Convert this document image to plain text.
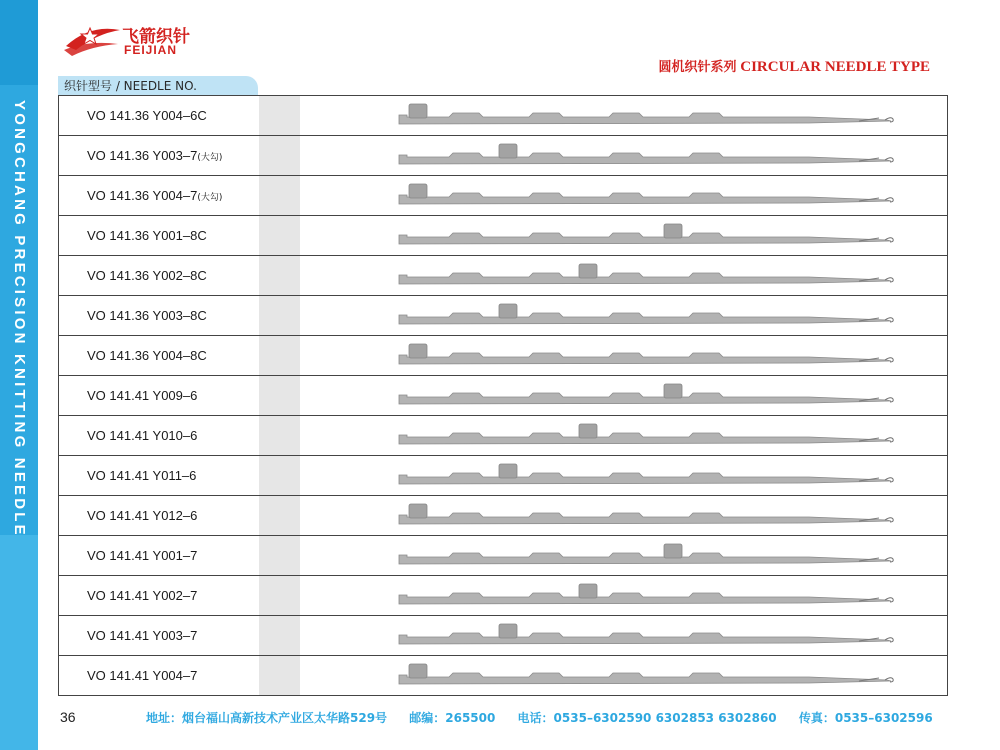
YONGCHANG PRECISION KNITTING NEEDLE
飞箭织针
FEIJIAN
圆机织针系列 CIRCULAR NEEDLE TYPE
织针型号 / NEEDLE NO.
VO 141.36 Y004–6C
VO 141.36 Y003–7(大勾)
VO 141.36 Y004–7(大勾)
VO 141.36 Y001–8C
VO 141.36 Y002–8C
VO 141.36 Y003–8C
VO 141.36 Y004–8C
VO 141.41 Y009–6
VO 141.41 Y010–6
VO 141.41 Y011–6
VO 141.41 Y012–6
VO 141.41 Y001–7
VO 141.41 Y002–7
VO 141.41 Y003–7
VO 141.41 Y004–7
36	地址：烟台福山高新技术产业区太华路529号 邮编：265500 电话：0535–6302590 6302853 6302860 传真：0535–6302596
